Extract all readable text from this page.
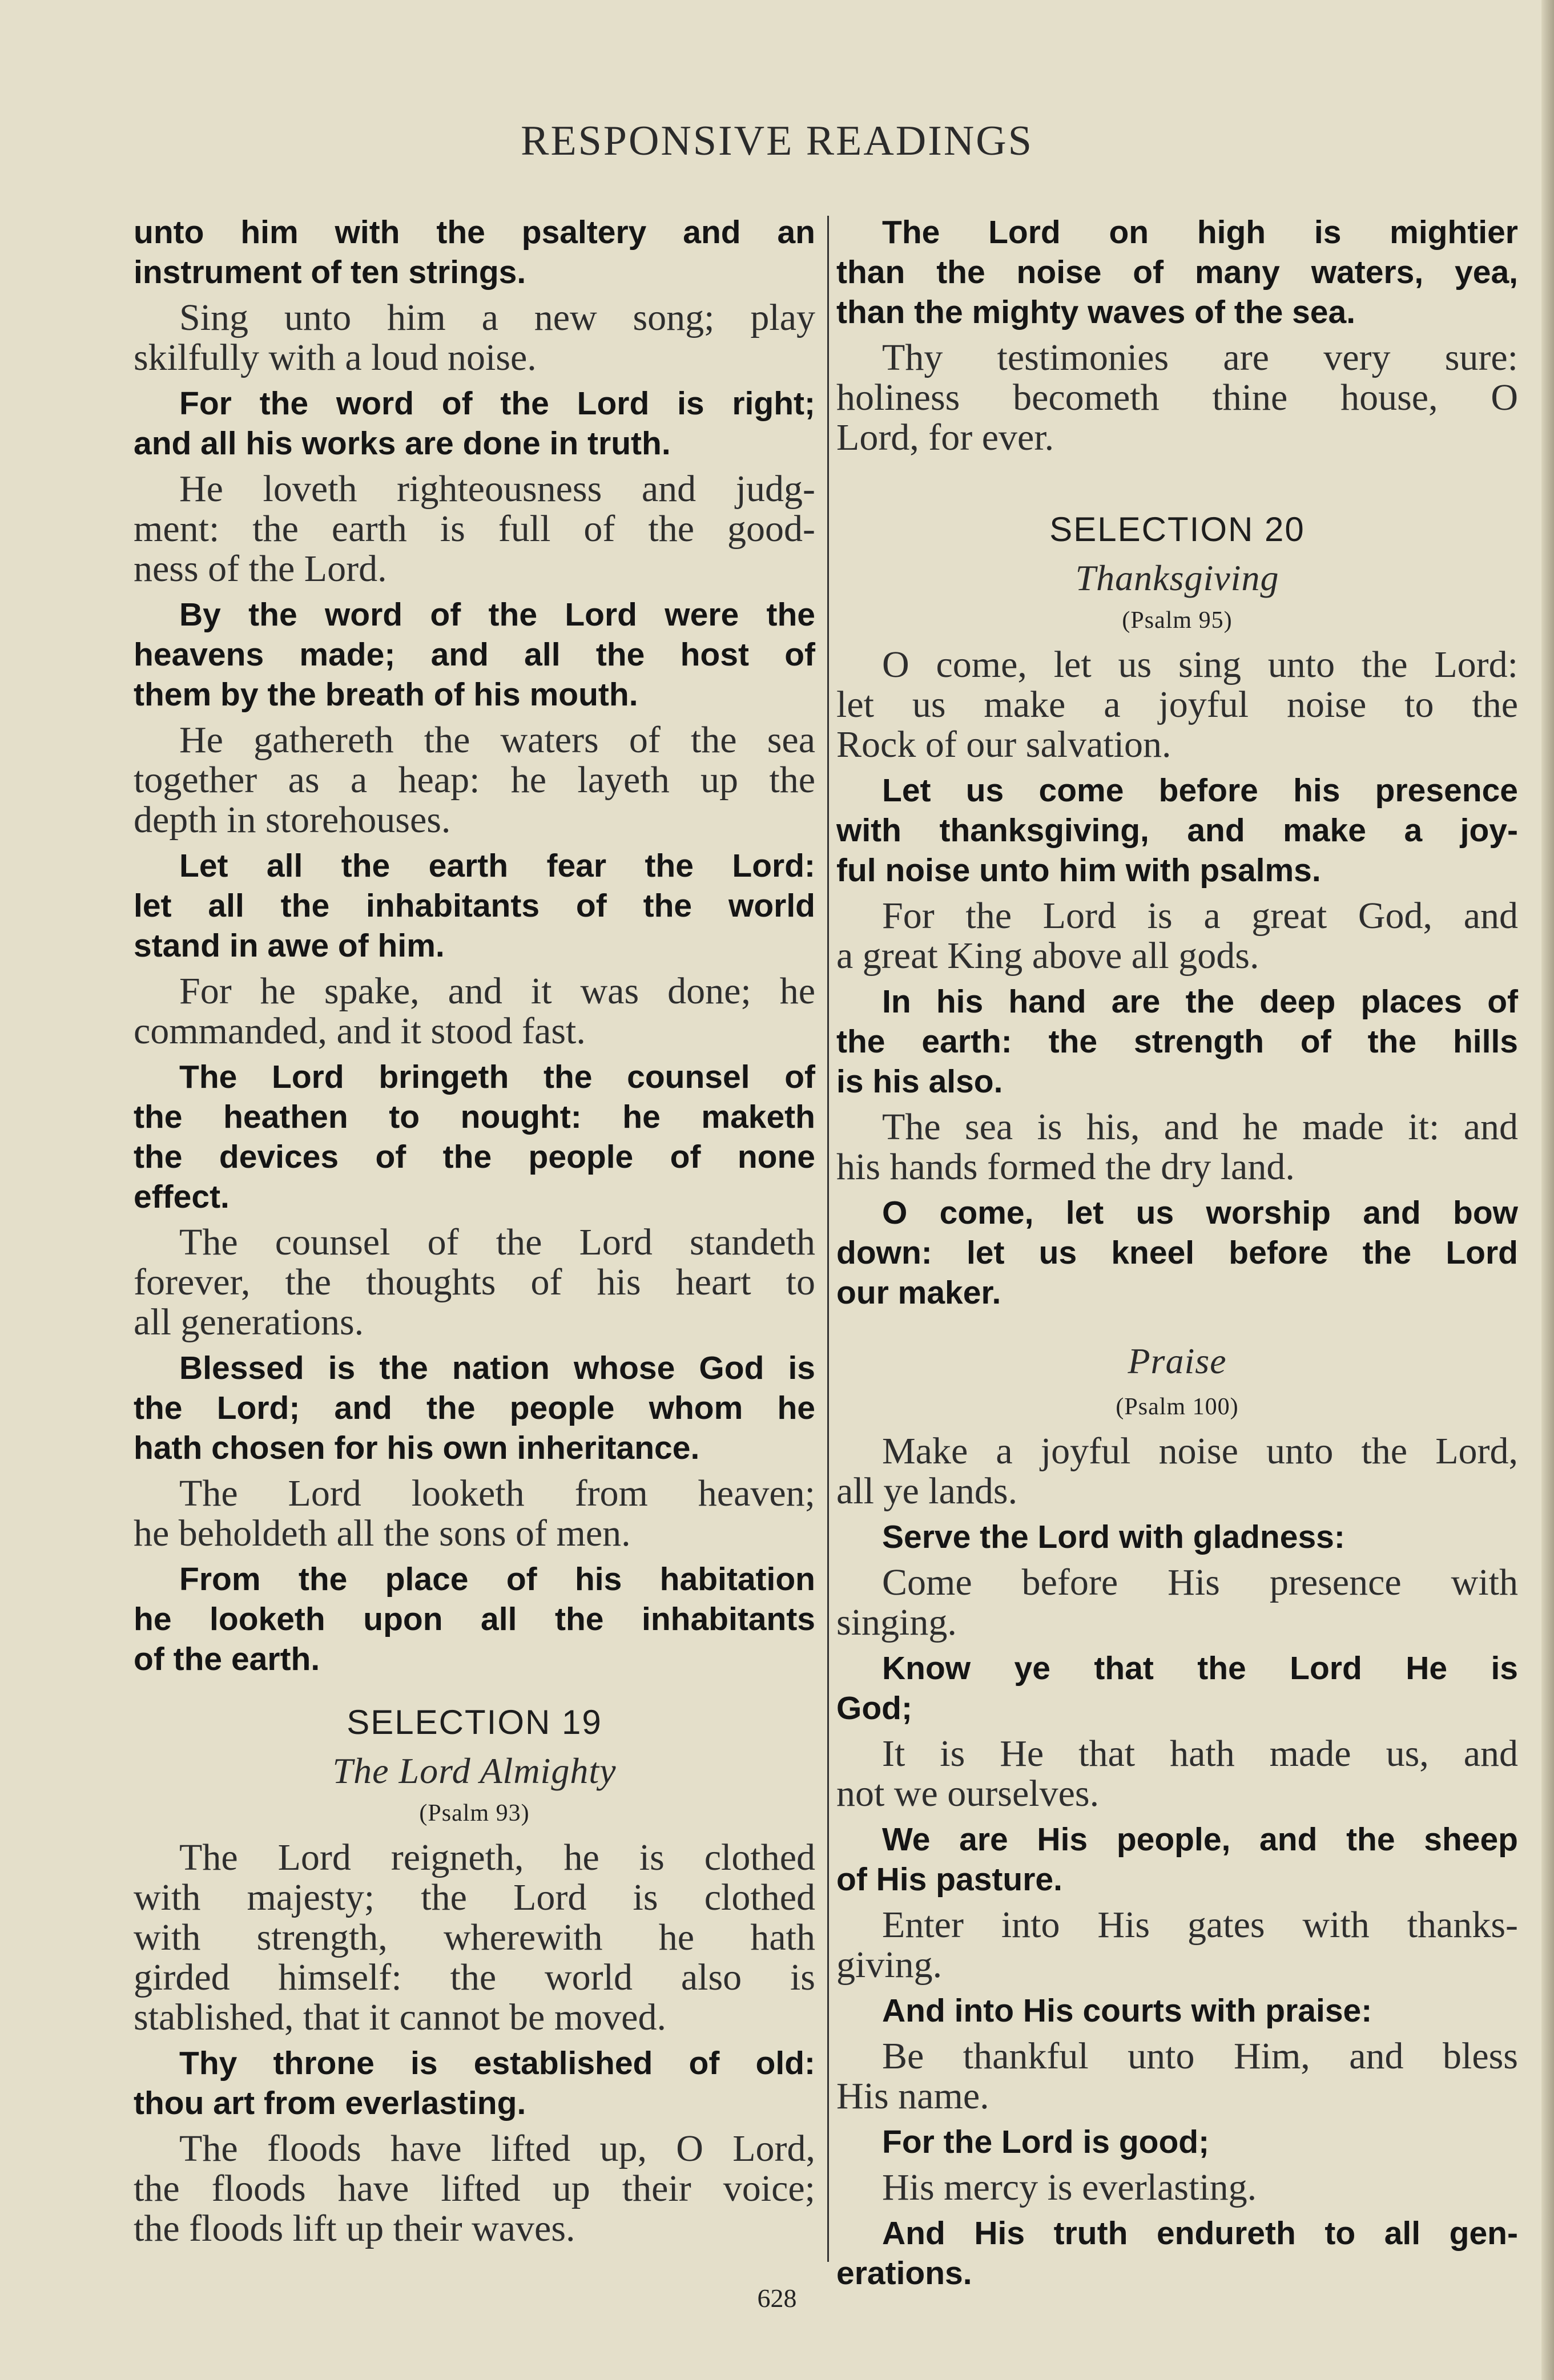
RESPONSIVE READINGS
unto him with the psaltery and an
instrument of ten strings.
Sing unto him a new song; play
skilfully with a loud noise.
For the word of the Lord is right;
and all his works are done in truth.
He loveth righteousness and judg-
ment: the earth is full of the good-
ness of the Lord.
By the word of the Lord were the
heavens made; and all the host of
them by the breath of his mouth.
He gathereth the waters of the sea
together as a heap: he layeth up the
depth in storehouses.
Let all the earth fear the Lord:
let all the inhabitants of the world
stand in awe of him.
For he spake, and it was done; he
commanded, and it stood fast.
The Lord bringeth the counsel of
the heathen to nought: he maketh
the devices of the people of none
effect.
The counsel of the Lord standeth
forever, the thoughts of his heart to
all generations.
Blessed is the nation whose God is
the Lord; and the people whom he
hath chosen for his own inheritance.
The Lord looketh from heaven;
he beholdeth all the sons of men.
From the place of his habitation
he looketh upon all the inhabitants
of the earth.
SELECTION 19
The Lord Almighty
(Psalm 93)
The Lord reigneth, he is clothed
with majesty; the Lord is clothed
with strength, wherewith he hath
girded himself: the world also is
stablished, that it cannot be moved.
Thy throne is established of old:
thou art from everlasting.
The floods have lifted up, O Lord,
the floods have lifted up their voice;
the floods lift up their waves.
The Lord on high is mightier
than the noise of many waters, yea,
than the mighty waves of the sea.
Thy testimonies are very sure:
holiness becometh thine house, O
Lord, for ever.
SELECTION 20
Thanksgiving
(Psalm 95)
O come, let us sing unto the Lord:
let us make a joyful noise to the
Rock of our salvation.
Let us come before his presence
with thanksgiving, and make a joy-
ful noise unto him with psalms.
For the Lord is a great God, and
a great King above all gods.
In his hand are the deep places of
the earth: the strength of the hills
is his also.
The sea is his, and he made it: and
his hands formed the dry land.
O come, let us worship and bow
down: let us kneel before the Lord
our maker.
Praise
(Psalm 100)
Make a joyful noise unto the Lord,
all ye lands.
Serve the Lord with gladness:
Come before His presence with
singing.
Know ye that the Lord He is
God;
It is He that hath made us, and
not we ourselves.
We are His people, and the sheep
of His pasture.
Enter into His gates with thanks-
giving.
And into His courts with praise:
Be thankful unto Him, and bless
His name.
For the Lord is good;
His mercy is everlasting.
And His truth endureth to all gen-
erations.
628
